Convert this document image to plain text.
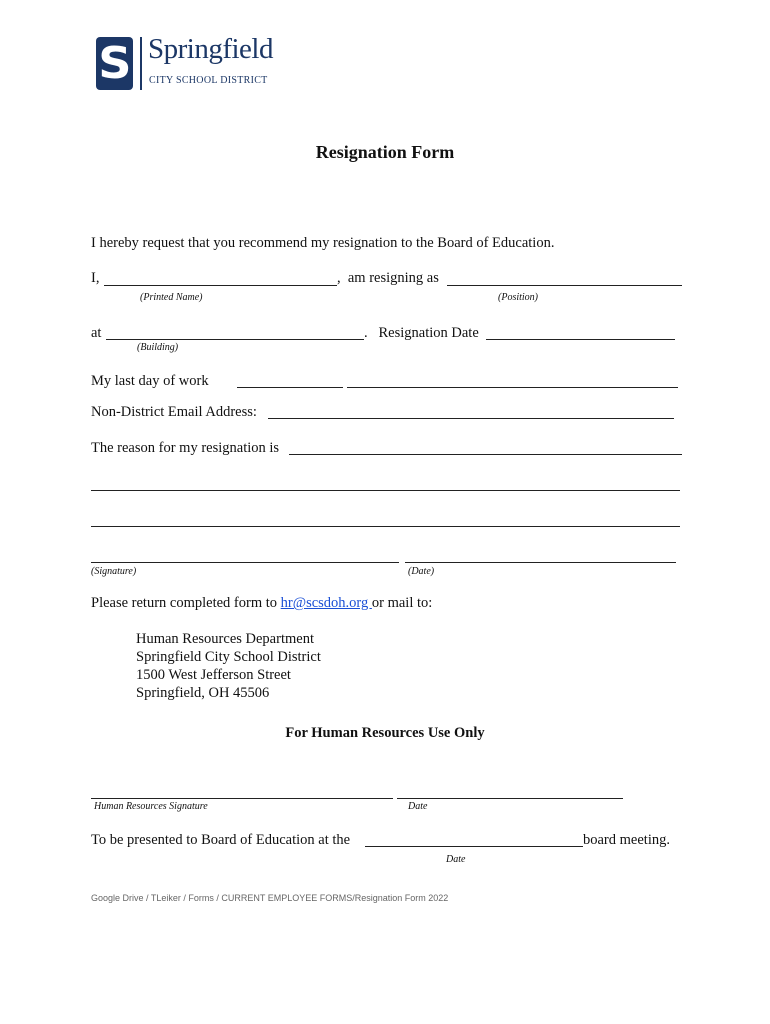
S Springfield
CITY SCHOOL DISTRICT
Resignation Form
I hereby request that you recommend my resignation to the Board of Education.
I,	,  am resigning as
(Printed Name)	(Position)
at	.   Resignation Date
(Building)
My last day of work
Non-District Email Address:
The reason for my resignation is
(Signature)	(Date)
Please return completed form to hr@scsdoh.org or mail to:
Human Resources Department
Springfield City School District
1500 West Jefferson Street
Springfield, OH 45506
For Human Resources Use Only
Human Resources Signature	Date
To be presented to Board of Education at the	board meeting.
Date
Google Drive / TLeiker / Forms / CURRENT EMPLOYEE FORMS/Resignation Form 2022
